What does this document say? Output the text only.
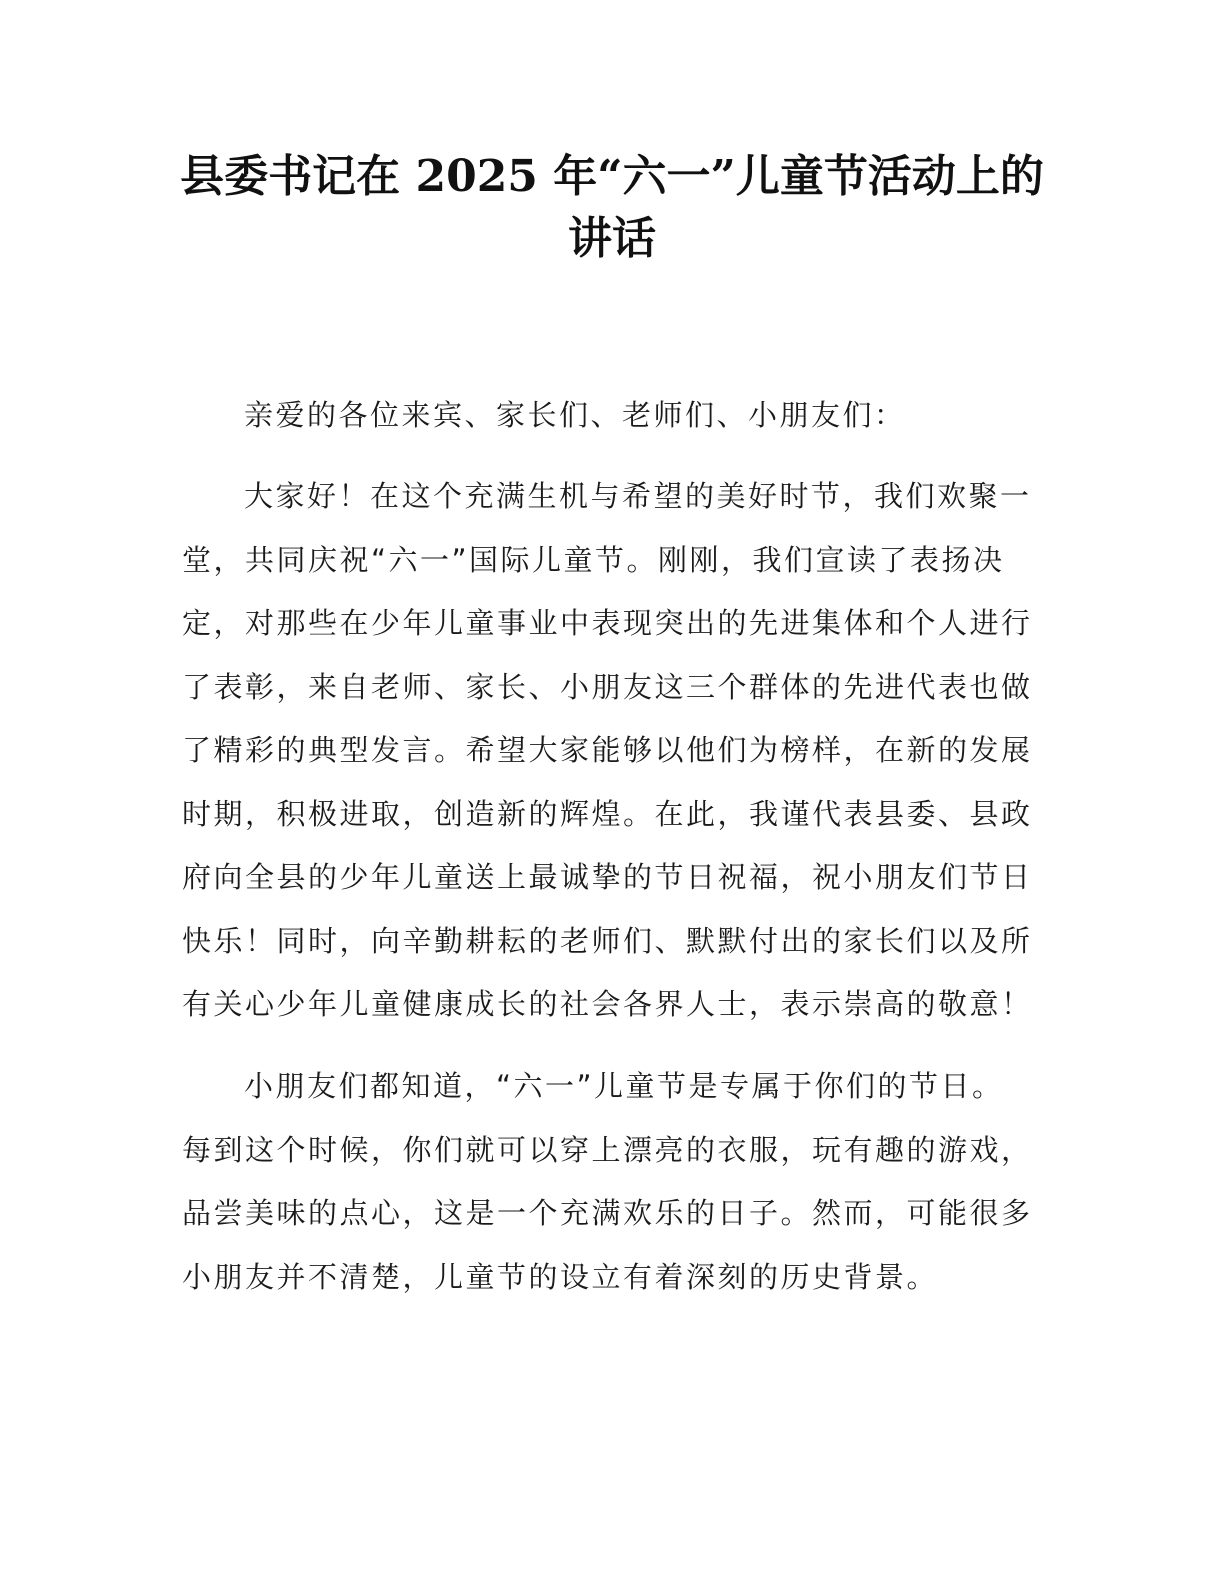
县委书记在 2025 年“六一”儿童节活动上的
讲话

亲爱的各位来宾、家长们、老师们、小朋友们：

大家好！在这个充满生机与希望的美好时节，我们欢聚一
堂，共同庆祝“六一”国际儿童节。刚刚，我们宣读了表扬决
定，对那些在少年儿童事业中表现突出的先进集体和个人进行
了表彰，来自老师、家长、小朋友这三个群体的先进代表也做
了精彩的典型发言。希望大家能够以他们为榜样，在新的发展
时期，积极进取，创造新的辉煌。在此，我谨代表县委、县政
府向全县的少年儿童送上最诚挚的节日祝福，祝小朋友们节日
快乐！同时，向辛勤耕耘的老师们、默默付出的家长们以及所
有关心少年儿童健康成长的社会各界人士，表示崇高的敬意！

小朋友们都知道，“六一”儿童节是专属于你们的节日。
每到这个时候，你们就可以穿上漂亮的衣服，玩有趣的游戏，
品尝美味的点心，这是一个充满欢乐的日子。然而，可能很多
小朋友并不清楚，儿童节的设立有着深刻的历史背景。
